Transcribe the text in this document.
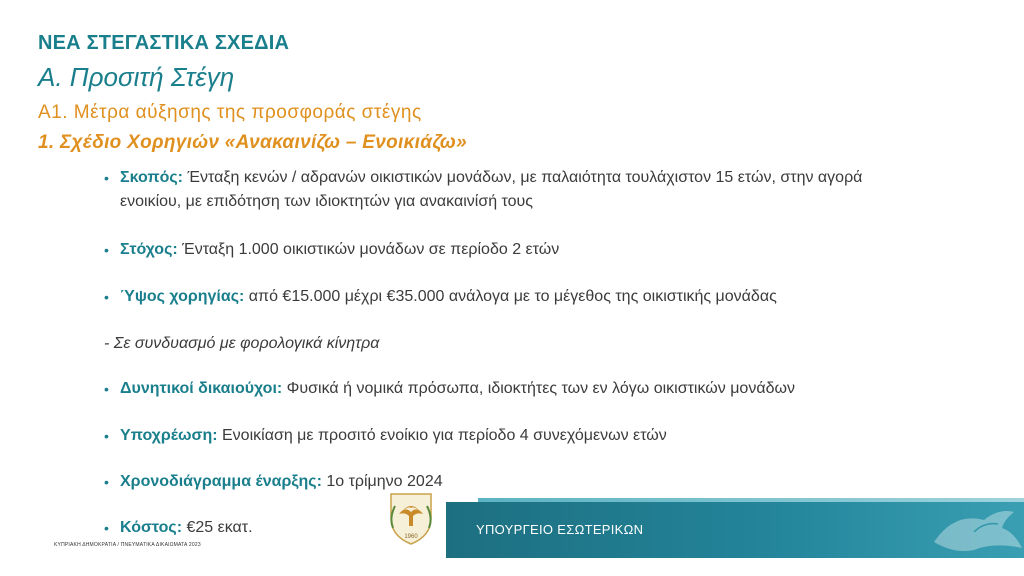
ΝΕΑ ΣΤΕΓΑΣΤΙΚΑ ΣΧΕΔΙΑ
Α. Προσιτή Στέγη
Α1. Μέτρα αύξησης της προσφοράς στέγης
1. Σχέδιο Χορηγιών «Ανακαινίζω – Ενοικιάζω»
• Σκοπός: Ένταξη κενών / αδρανών οικιστικών μονάδων, με παλαιότητα τουλάχιστον 15 ετών, στην αγορά ενοικίου, με επιδότηση των ιδιοκτητών για ανακαινίσή τους
• Στόχος: Ένταξη 1.000 οικιστικών μονάδων σε περίοδο 2 ετών
• Ύψος χορηγίας: από €15.000 μέχρι €35.000 ανάλογα με το μέγεθος της οικιστικής μονάδας
- Σε συνδυασμό με φορολογικά κίνητρα
• Δυνητικοί δικαιούχοι: Φυσικά ή νομικά πρόσωπα, ιδιοκτήτες των εν λόγω οικιστικών μονάδων
• Υποχρέωση: Ενοικίαση με προσιτό ενοίκιο για περίοδο 4 συνεχόμενων ετών
• Χρονοδιάγραμμα έναρξης: 1ο τρίμηνο 2024
• Κόστος: €25 εκατ.
ΚΥΠΡΙΑΚΗ ΔΗΜΟΚΡΑΤΙΑ / ΠΝΕΥΜΑΤΙΚΑ ΔΙΚΑΙΩΜΑΤΑ 2023
1960	ΥΠΟΥΡΓΕΙΟ ΕΣΩΤΕΡΙΚΩΝ
